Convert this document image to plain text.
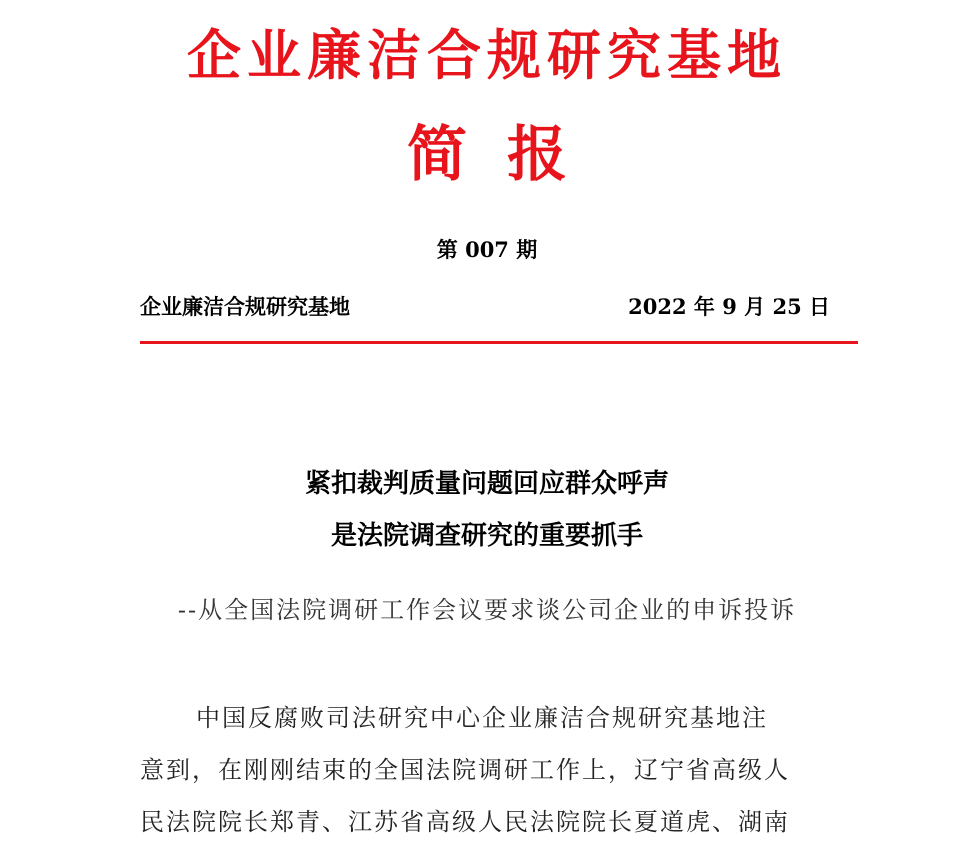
企业廉洁合规研究基地
简报
第 007 期
企业廉洁合规研究基地	2022 年 9 月 25 日
紧扣裁判质量问题回应群众呼声
是法院调查研究的重要抓手
--从全国法院调研工作会议要求谈公司企业的申诉投诉
中国反腐败司法研究中心企业廉洁合规研究基地注
意到，在刚刚结束的全国法院调研工作上，辽宁省高级人
民法院院长郑青、江苏省高级人民法院院长夏道虎、湖南
